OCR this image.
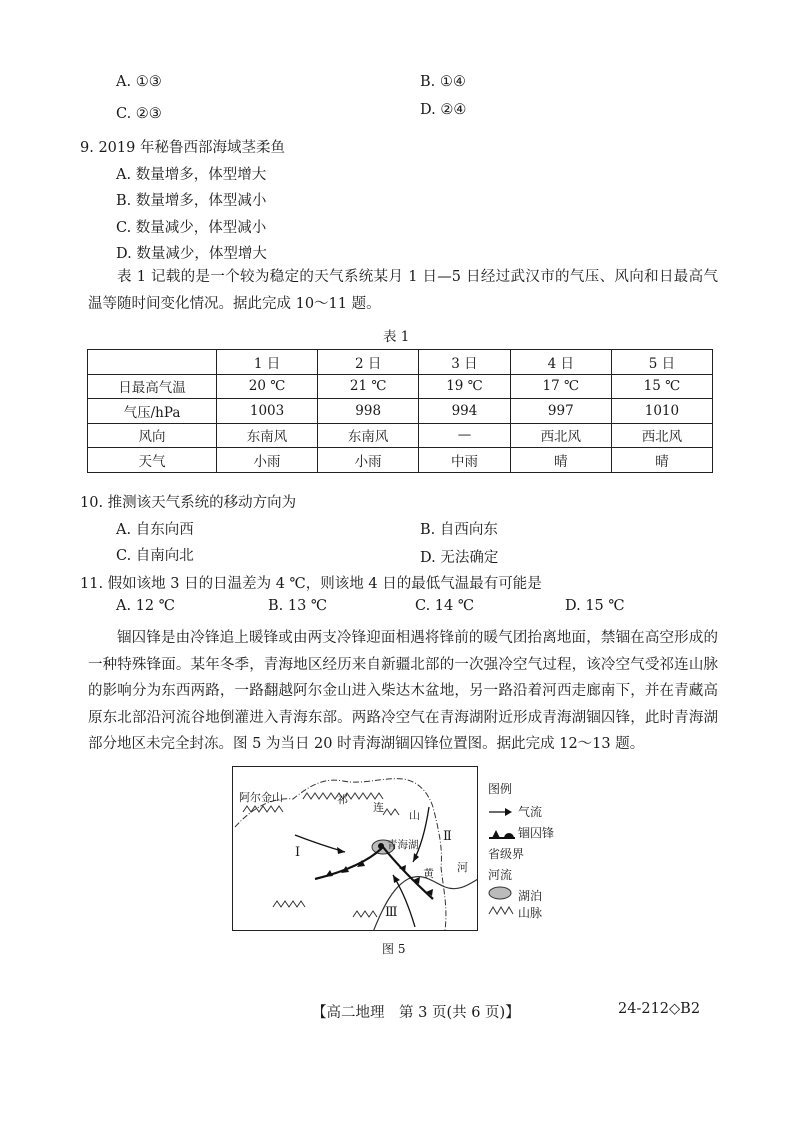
A. ①③	B. ①④
C. ②③	D. ②④
9. 2019 年秘鲁西部海域茎柔鱼
A. 数量增多，体型增大
B. 数量增多，体型减小
C. 数量减少，体型减小
D. 数量减少，体型增大
表 1 记载的是一个较为稳定的天气系统某月 1 日—5 日经过武汉市的气压、风向和日最高气温等随时间变化情况。据此完成 10～11 题。
表 1
	1 日	2 日	3 日	4 日	5 日
日最高气温	20 ℃	21 ℃	19 ℃	17 ℃	15 ℃
气压/hPa	1003	998	994	997	1010
风向	东南风	东南风	—	西北风	西北风
天气	小雨	小雨	中雨	晴	晴
10. 推测该天气系统的移动方向为
A. 自东向西	B. 自西向东
C. 自南向北	D. 无法确定
11. 假如该地 3 日的日温差为 4 ℃，则该地 4 日的最低气温最有可能是
A. 12 ℃	B. 13 ℃	C. 14 ℃	D. 15 ℃
锢囚锋是由冷锋追上暖锋或由两支冷锋迎面相遇将锋前的暖气团抬离地面，禁锢在高空形成的一种特殊锋面。某年冬季，青海地区经历来自新疆北部的一次强冷空气过程，该冷空气受祁连山脉的影响分为东西两路，一路翻越阿尔金山进入柴达木盆地，另一路沿着河西走廊南下，并在青藏高原东北部沿河流谷地倒灌进入青海东部。两路冷空气在青海湖附近形成青海湖锢囚锋，此时青海湖部分地区未完全封冻。图 5 为当日 20 时青海湖锢囚锋位置图。据此完成 12～13 题。
阿尔金山	祁
连
山
青海湖
黄 河
Ⅰ
Ⅱ
Ⅲ
图例
气流
锢囚锋
省级界
河流
湖泊
山脉
图 5
【高二地理　第 3 页(共 6 页)】	24-212◇B2
